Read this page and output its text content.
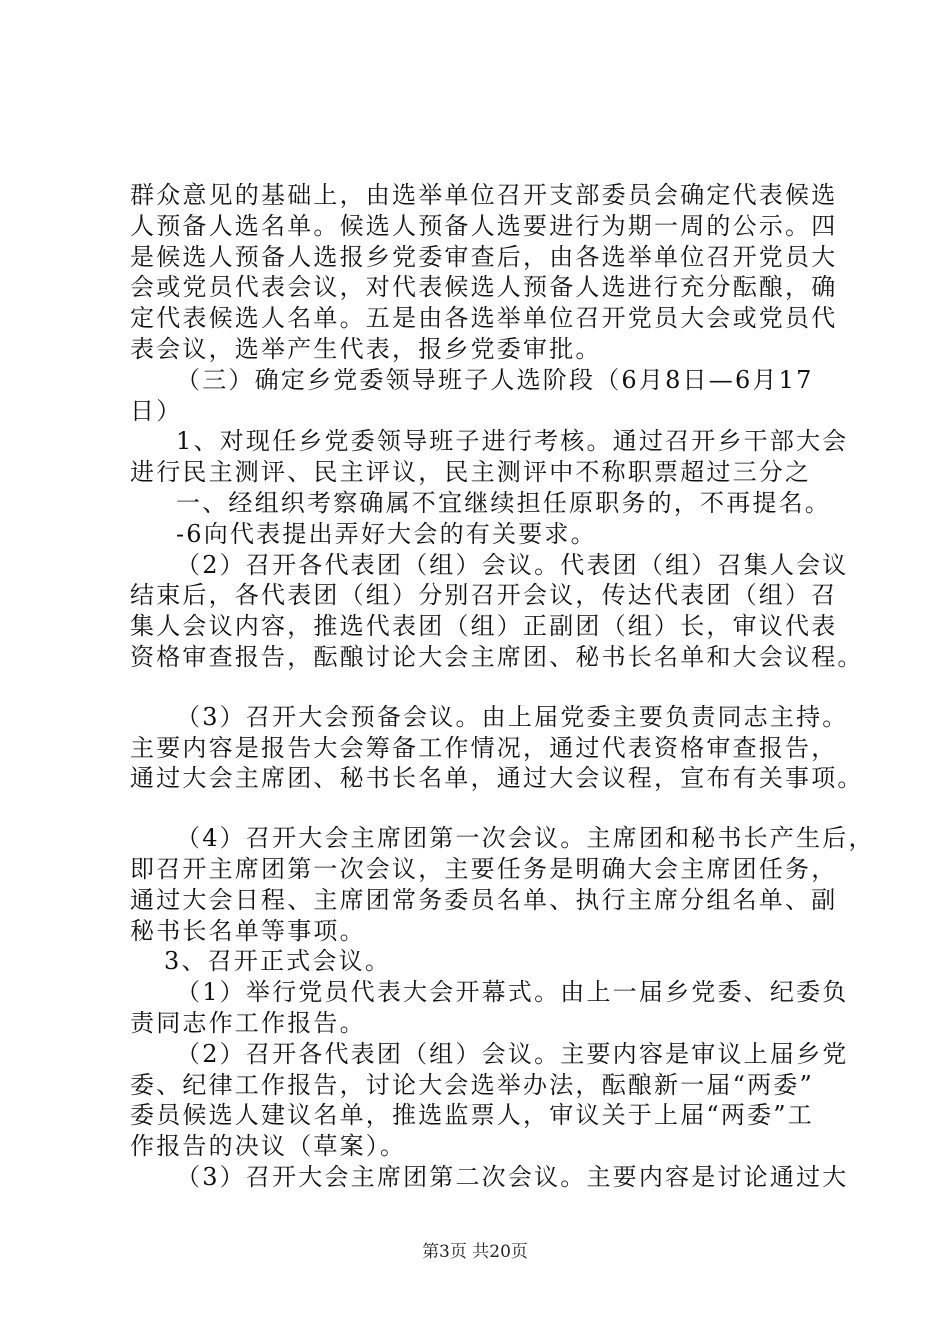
群众意见的基础上，由选举单位召开支部委员会确定代表候选
人预备人选名单。候选人预备人选要进行为期一周的公示。四
是候选人预备人选报乡党委审查后，由各选举单位召开党员大
会或党员代表会议，对代表候选人预备人选进行充分酝酿，确
定代表候选人名单。五是由各选举单位召开党员大会或党员代
表会议，选举产生代表，报乡党委审批。
（三）确定乡党委领导班子人选阶段（6月8日—6月17
日）
1、对现任乡党委领导班子进行考核。通过召开乡干部大会
进行民主测评、民主评议，民主测评中不称职票超过三分之
一、经组织考察确属不宜继续担任原职务的，不再提名。
-6向代表提出弄好大会的有关要求。
（2）召开各代表团（组）会议。代表团（组）召集人会议
结束后，各代表团（组）分别召开会议，传达代表团（组）召
集人会议内容，推选代表团（组）正副团（组）长，审议代表
资格审查报告，酝酿讨论大会主席团、秘书长名单和大会议程。
（3）召开大会预备会议。由上届党委主要负责同志主持。
主要内容是报告大会筹备工作情况，通过代表资格审查报告，
通过大会主席团、秘书长名单，通过大会议程，宣布有关事项。
（4）召开大会主席团第一次会议。主席团和秘书长产生后，
即召开主席团第一次会议，主要任务是明确大会主席团任务，
通过大会日程、主席团常务委员名单、执行主席分组名单、副
秘书长名单等事项。
3、召开正式会议。
（1）举行党员代表大会开幕式。由上一届乡党委、纪委负
责同志作工作报告。
（2）召开各代表团（组）会议。主要内容是审议上届乡党
委、纪律工作报告，讨论大会选举办法，酝酿新一届“两委”
委员候选人建议名单，推选监票人，审议关于上届“两委”工
作报告的决议（草案）。
（3）召开大会主席团第二次会议。主要内容是讨论通过大
第3页 共20页
